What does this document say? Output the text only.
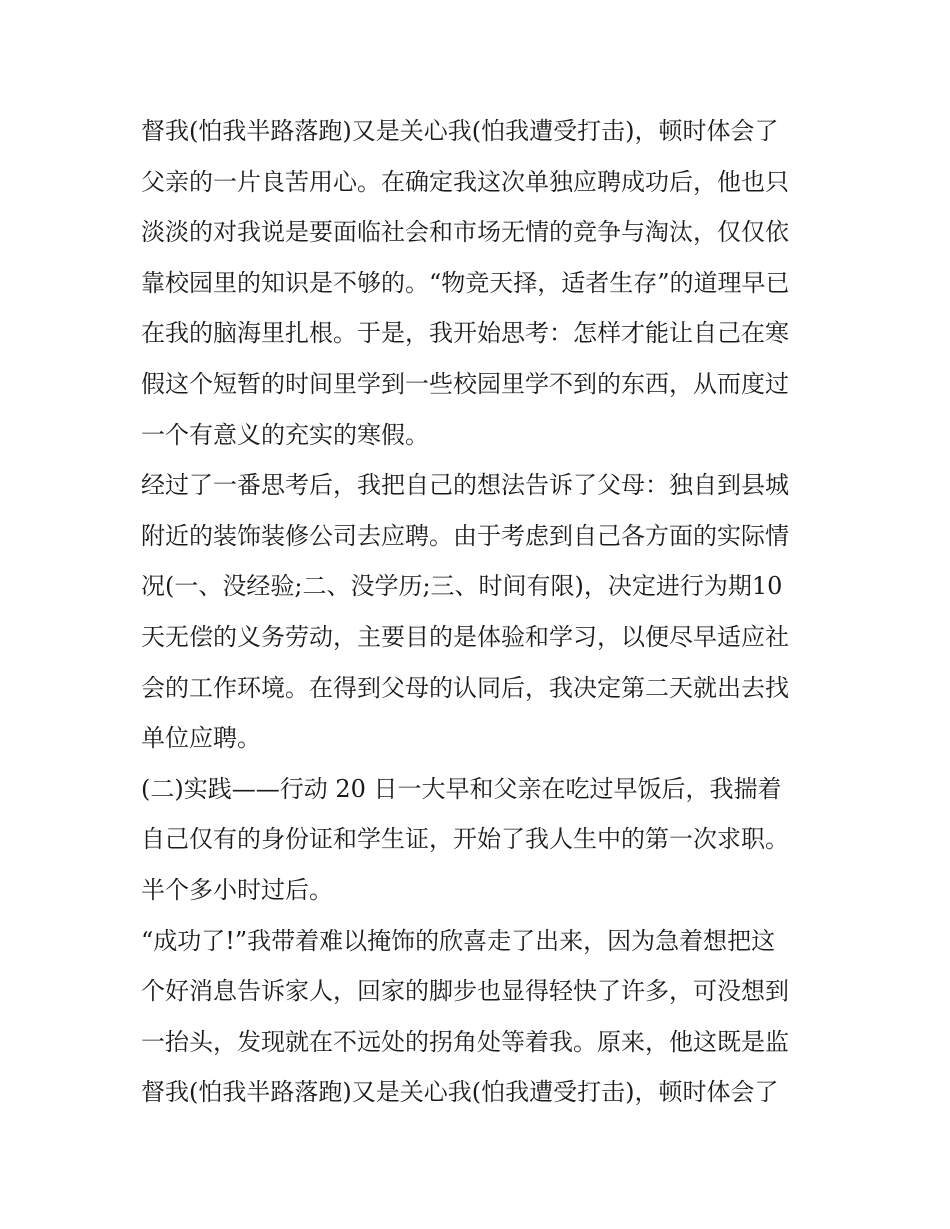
督我(怕我半路落跑)又是关心我(怕我遭受打击)，顿时体会了
父亲的一片良苦用心。在确定我这次单独应聘成功后，他也只
淡淡的对我说是要面临社会和市场无情的竞争与淘汰，仅仅依
靠校园里的知识是不够的。“物竞天择，适者生存”的道理早已
在我的脑海里扎根。于是，我开始思考：怎样才能让自己在寒
假这个短暂的时间里学到一些校园里学不到的东西，从而度过
一个有意义的充实的寒假。
经过了一番思考后，我把自己的想法告诉了父母：独自到县城
附近的装饰装修公司去应聘。由于考虑到自己各方面的实际情
况(一、没经验;二、没学历;三、时间有限)，决定进行为期10
天无偿的义务劳动，主要目的是体验和学习，以便尽早适应社
会的工作环境。在得到父母的认同后，我决定第二天就出去找
单位应聘。
(二)实践——行动 20 日一大早和父亲在吃过早饭后，我揣着
自己仅有的身份证和学生证，开始了我人生中的第一次求职。
半个多小时过后。
“成功了!”我带着难以掩饰的欣喜走了出来，因为急着想把这
个好消息告诉家人，回家的脚步也显得轻快了许多，可没想到
一抬头，发现就在不远处的拐角处等着我。原来，他这既是监
督我(怕我半路落跑)又是关心我(怕我遭受打击)，顿时体会了
